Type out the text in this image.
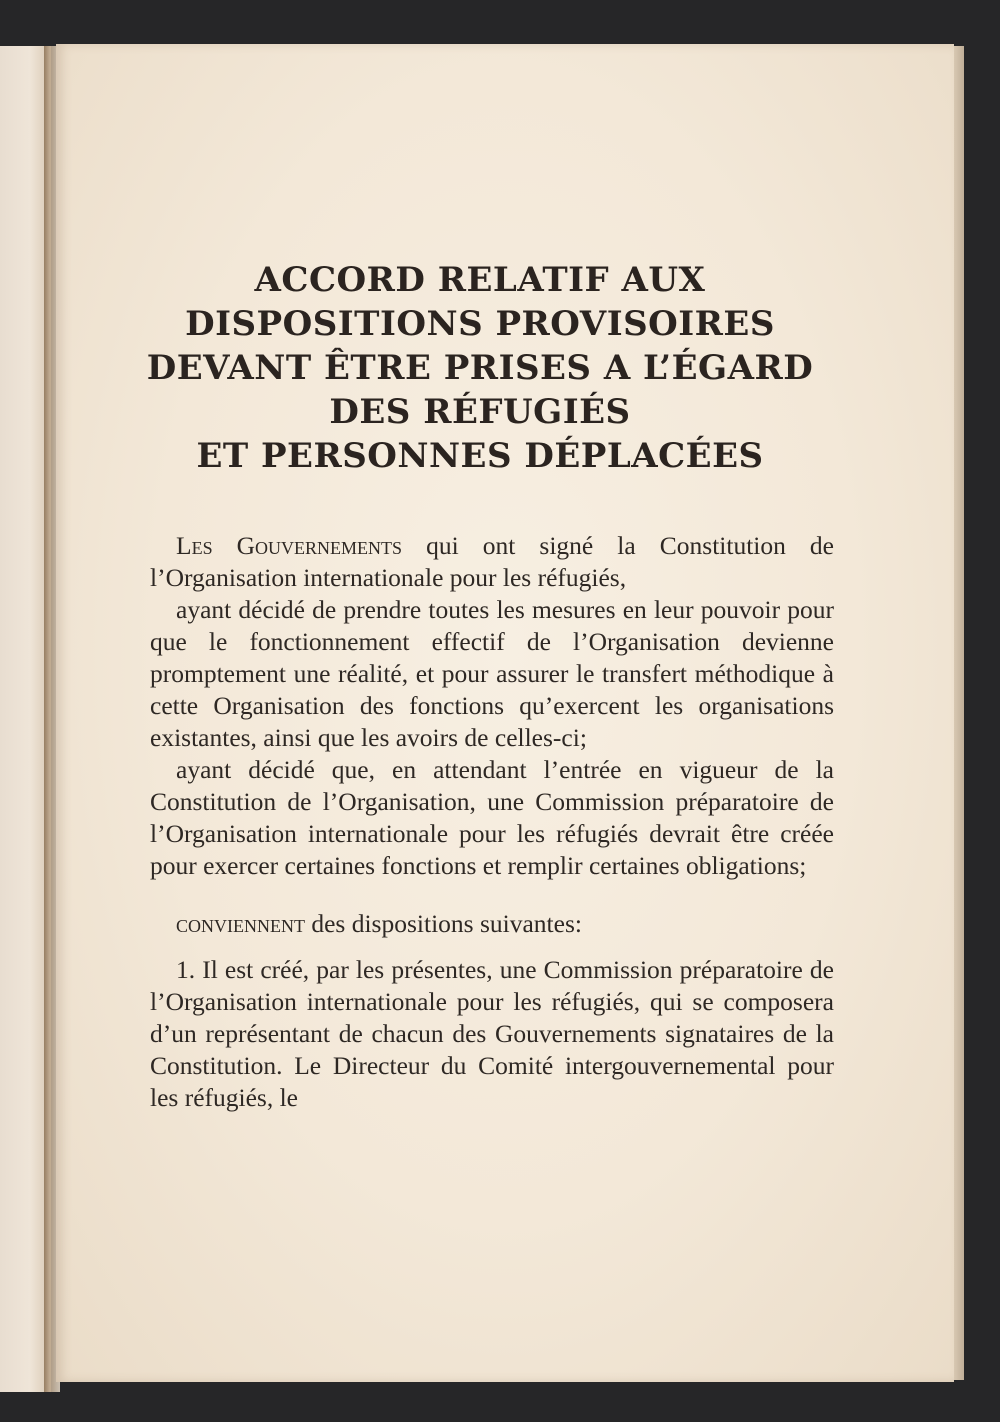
ACCORD RELATIF AUX
DISPOSITIONS PROVISOIRES
DEVANT ÊTRE PRISES A L’ÉGARD
DES RÉFUGIÉS
ET PERSONNES DÉPLACÉES

Les Gouvernements qui ont signé la Constitution de l’Organisation internationale pour les réfugiés,

ayant décidé de prendre toutes les mesures en leur pouvoir pour que le fonctionnement effectif de l’Organisation devienne promptement une réalité, et pour assurer le transfert méthodique à cette Organisation des fonctions qu’exercent les organisations existantes, ainsi que les avoirs de celles-ci;

ayant décidé que, en attendant l’entrée en vigueur de la Constitution de l’Organisation, une Commission préparatoire de l’Organisation internationale pour les réfugiés devrait être créée pour exercer certaines fonctions et remplir certaines obligations;

conviennent des dispositions suivantes:

1. Il est créé, par les présentes, une Commission préparatoire de l’Organisation internationale pour les réfugiés, qui se composera d’un représentant de chacun des Gouvernements signataires de la Constitution. Le Directeur du Comité intergouvernemental pour les réfugiés, le
